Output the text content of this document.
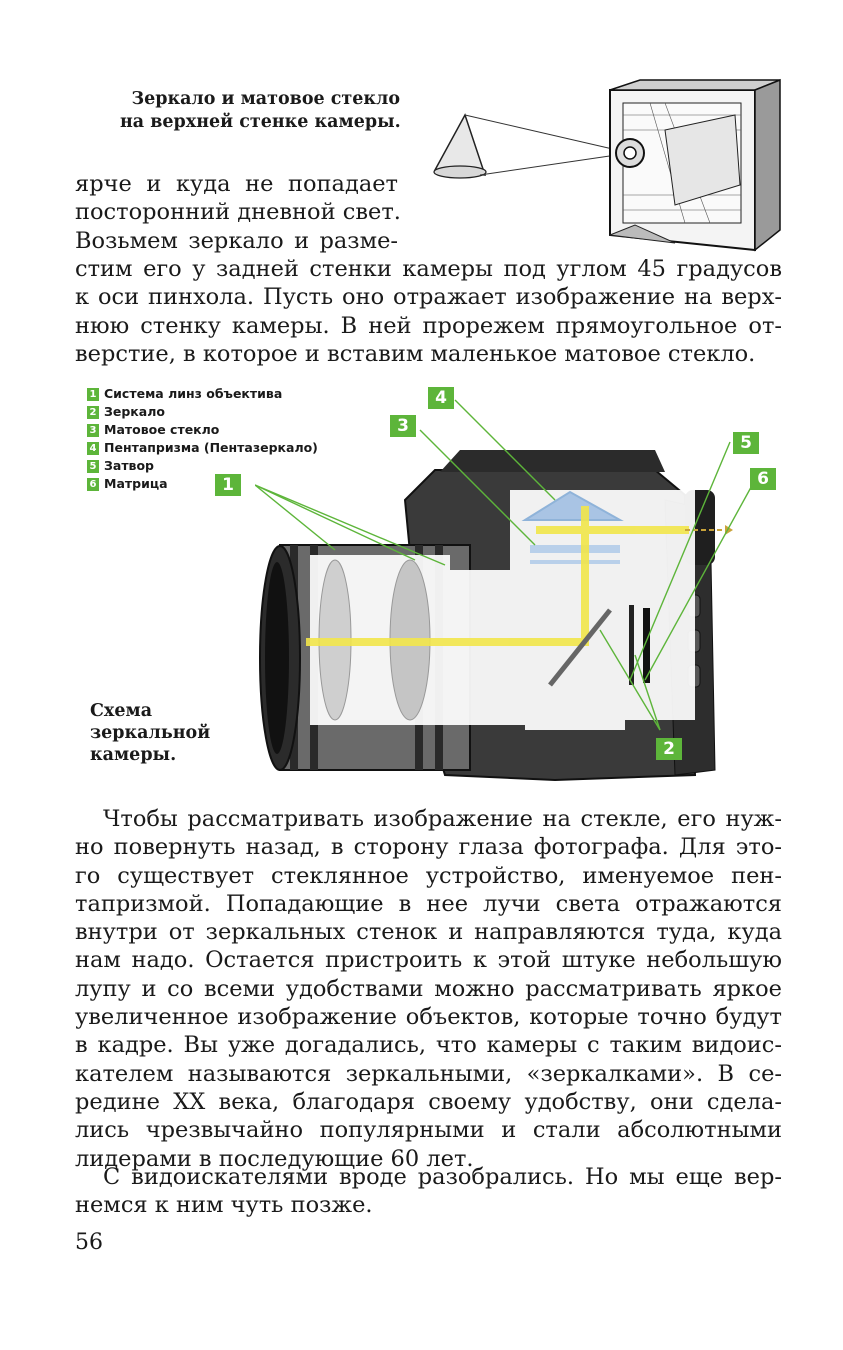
Зеркало и матовое стекло
на верхней стенке камеры.
ярче и куда не попадает
посторонний дневной свет.
Возьмем зеркало и разме-
стим его у задней стенки камеры под углом 45 градусов
к оси пинхола. Пусть оно отражает изображение на верх-
нюю стенку камеры. В ней прорежем прямоугольное от-
верстие, в которое и вставим маленькое матовое стекло.
1 Система линз объектива
2 Зеркало
3 Матовое стекло
4 Пентапризма (Пентазеркало)
5 Затвор
6 Матрица	1
2
3
4
5
6
Схема
зеркальной
камеры.
Чтобы рассматривать изображение на стекле, его нуж-
но повернуть назад, в сторону глаза фотографа. Для это-
го существует стеклянное устройство, именуемое пен-
тапризмой. Попадающие в нее лучи света отражаются
внутри от зеркальных стенок и направляются туда, куда
нам надо. Остается пристроить к этой штуке небольшую
лупу и со всеми удобствами можно рассматривать яркое
увеличенное изображение объектов, которые точно будут
в кадре. Вы уже догадались, что камеры с таким видоис-
кателем называются зеркальными, «зеркалками». В се-
редине XX века, благодаря своему удобству, они сдела-
лись чрезвычайно популярными и стали абсолютными
лидерами в последующие 60 лет.
С видоискателями вроде разобрались. Но мы еще вер-
немся к ним чуть позже.
56
